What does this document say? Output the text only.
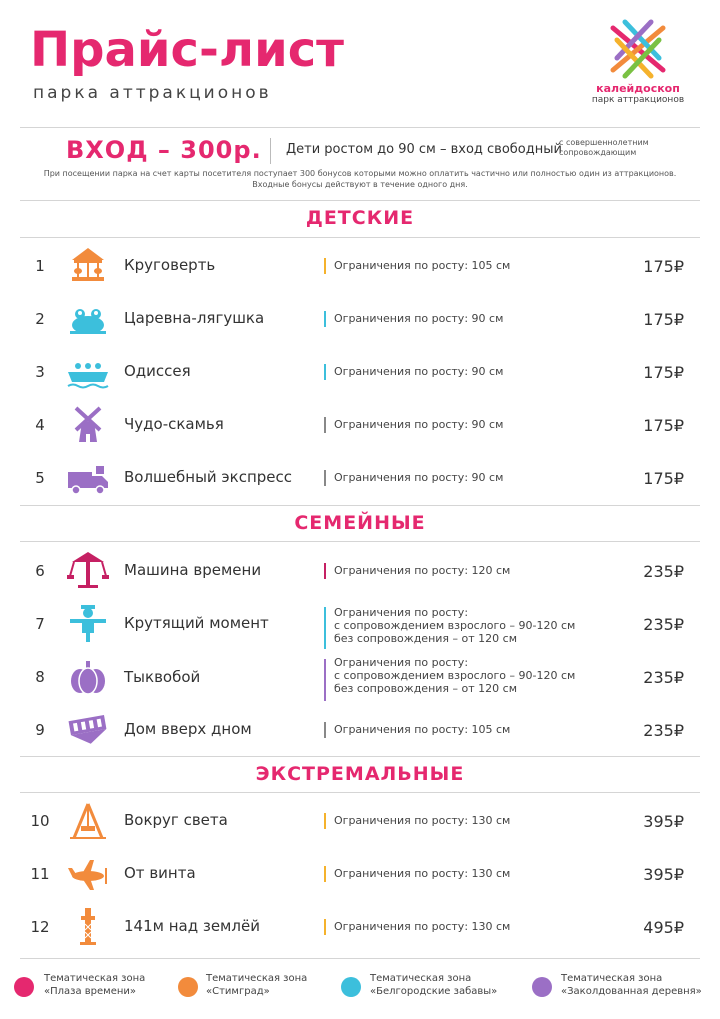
Прайс-лист
парка аттракционов	калейдоскоп
парк аттракционов
ВХОД – 300р. Дети ростом до 90 см – вход свободный
с совершеннолетним сопровождающим
При посещении парка на счет карты посетителя поступает 300 бонусов которыми можно оплатить частично или полностью один из аттракционов.
Входные бонусы действуют в течение одного дня.
ДЕТСКИЕ
1	Круговерть	Ограничения по росту: 105 см	175₽
2	Царевна-лягушка	Ограничения по росту: 90 см	175₽
3	Одиссея	Ограничения по росту: 90 см	175₽
4	Чудо-скамья	Ограничения по росту: 90 см	175₽
5	Волшебный экспресс	Ограничения по росту: 90 см	175₽
СЕМЕЙНЫЕ
6	Машина времени	Ограничения по росту: 120 см	235₽
7	Крутящий момент
Ограничения по росту:
с сопровождением взрослого – 90-120 см
без сопровождения – от 120 см
235₽
8	Тыквобой
Ограничения по росту:
с сопровождением взрослого – 90-120 см
без сопровождения – от 120 см
235₽
9	Дом вверх дном	Ограничения по росту: 105 см	235₽
ЭКСТРЕМАЛЬНЫЕ
10	Вокруг света	Ограничения по росту: 130 см	395₽
11	От винта	Ограничения по росту: 130 см	395₽
12	141м над землёй	Ограничения по росту: 130 см	495₽
Тематическая зона
«Плаза времени»
Тематическая зона
«Стимград»
Тематическая зона
«Белгородские забавы»
Тематическая зона
«Заколдованная деревня»
